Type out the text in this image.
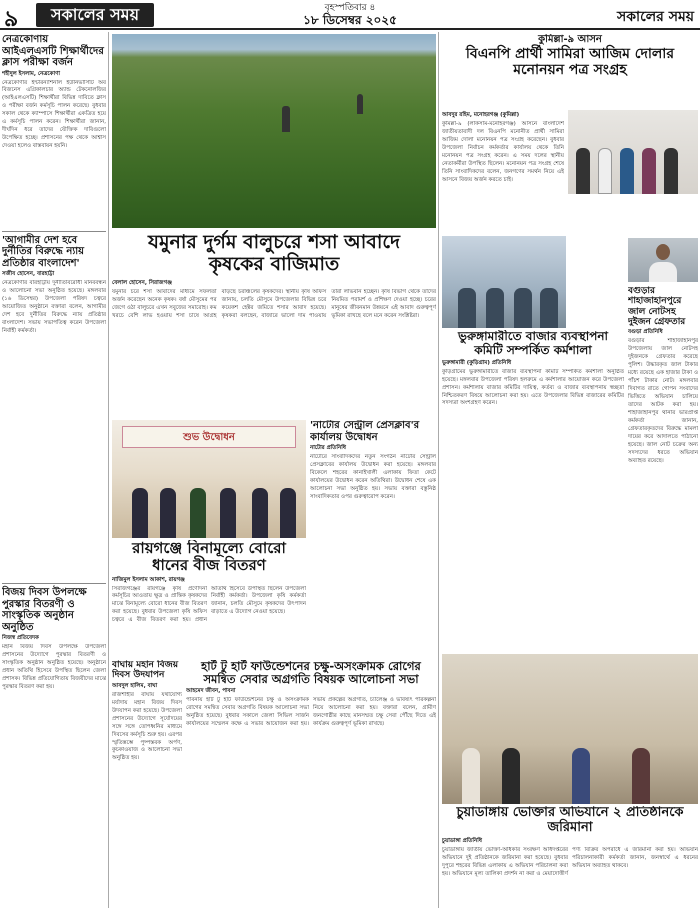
৯	সকালের সময়	বৃহস্পতিবার ৪
১৮ ডিসেম্বর ২০২৫	সকালের সময়
নেত্রকোণায় আইএলএসটি শিক্ষার্থীদের ক্লাস পরীক্ষা বর্জন
শহীদুল ইসলাম, নেত্রকোণা
নেত্রকোণার ইন্টারন্যাশনাল ইউনিভার্সিটি অব বিজনেস এগ্রিকালচার অ্যান্ড টেকনোলজির (আইএলএসটি) শিক্ষার্থীরা বিভিন্ন দাবিতে ক্লাস ও পরীক্ষা বর্জন কর্মসূচি পালন করেছে। বুধবার সকাল থেকে ক্যাম্পাসে শিক্ষার্থীরা একত্রিত হয়ে এ কর্মসূচি পালন করেন। শিক্ষার্থীরা জানান, দীর্ঘদিন ধরে তাদের যৌক্তিক দাবিগুলো উপেক্ষিত হচ্ছে। প্রশাসনের পক্ষ থেকে আশ্বাস দেওয়া হলেও বাস্তবায়ন হয়নি।
'আগামীর দেশ হবে দুর্নীতির বিরুদ্ধে ন্যায় প্রতিষ্ঠার বাংলাদেশ'
সজীব হোসেন, বারহাট্টা
নেত্রকোণার বারহাট্টায় দুর্নীতিবিরোধী মানববন্ধন ও আলোচনা সভা অনুষ্ঠিত হয়েছে। মঙ্গলবার (১৬ ডিসেম্বর) উপজেলা পরিষদ চত্বরে আয়োজিত অনুষ্ঠানে বক্তারা বলেন, আগামীর দেশ হবে দুর্নীতির বিরুদ্ধে ন্যায় প্রতিষ্ঠার বাংলাদেশ। সভায় সভাপতিত্ব করেন উপজেলা নির্বাহী কর্মকর্তা।
বিজয় দিবস উপলক্ষে পুরস্কার বিতরণী ও সাংস্কৃতিক অনুষ্ঠান অনুষ্ঠিত
নিজস্ব প্রতিবেদক
মহান বিজয় দিবস উপলক্ষে উপজেলা প্রশাসনের উদ্যোগে পুরস্কার বিতরণী ও সাংস্কৃতিক অনুষ্ঠান অনুষ্ঠিত হয়েছে। অনুষ্ঠানে প্রধান অতিথি হিসেবে উপস্থিত ছিলেন জেলা প্রশাসক। বিভিন্ন প্রতিযোগিতায় বিজয়ীদের মাঝে পুরস্কার বিতরণ করা হয়।
যমুনার দুর্গম বালুচরে শসা আবাদে কৃষকের বাজিমাত
বেলাল হোসেন, সিরাজগঞ্জ
যমুনার চরে শসা আবাদের মাধ্যমে সফলতা অর্জন করেছেন অনেক কৃষক। বর্ষা মৌসুমের পর জেগে ওঠা বালুচরে এখন সবুজের সমারোহ। কম খরচে বেশি লাভ হওয়ায় শসা চাষে আগ্রহ বাড়ছে চরাঞ্চলের কৃষকদের। স্থানীয় কৃষি অফিস জানায়, চলতি মৌসুমে উপজেলার বিভিন্ন চরে কয়েকশ হেক্টর জমিতে শসার আবাদ হয়েছে। কৃষকরা বলছেন, বাজারে ভালো দাম পাওয়ায় তারা লাভবান হচ্ছেন। কৃষি বিভাগ থেকে তাদের নিয়মিত পরামর্শ ও প্রশিক্ষণ দেওয়া হচ্ছে। চরের মানুষের জীবনমান উন্নয়নে এই আবাদ গুরুত্বপূর্ণ ভূমিকা রাখছে বলে মনে করেন সংশ্লিষ্টরা।
শুভ উদ্বোধন
'নাটোর সেন্ট্রাল প্রেসক্লাব'র কার্যালয় উদ্বোধন
নাটোর প্রতিনিধি
নাটোরে সাংবাদিকদের নতুন সংগঠন নাটোর সেন্ট্রাল প্রেসক্লাবের কার্যালয় উদ্বোধন করা হয়েছে। মঙ্গলবার বিকেলে শহরের কানাইখালী এলাকায় ফিতা কেটে কার্যালয়ের উদ্বোধন করেন অতিথিরা। উদ্বোধন শেষে এক আলোচনা সভা অনুষ্ঠিত হয়। সভায় বক্তারা বস্তুনিষ্ঠ সাংবাদিকতার ওপর গুরুত্বারোপ করেন।
রায়গঞ্জে বিনামূল্যে বোরো ধানের বীজ বিতরণ
নাজিমুল ইসলাম আকাশ, রায়গঞ্জ
সিরাজগঞ্জের রায়গঞ্জে কৃষি প্রণোদনা কর্মসূচির আওতায় ক্ষুদ্র ও প্রান্তিক কৃষকদের মাঝে বিনামূল্যে বোরো ধানের বীজ বিতরণ করা হয়েছে। বুধবার উপজেলা কৃষি অফিস চত্বরে এ বীজ বিতরণ করা হয়। প্রধান অতিথি হিসেবে উপস্থিত ছিলেন উপজেলা নির্বাহী কর্মকর্তা। উপজেলা কৃষি কর্মকর্তা জানান, চলতি মৌসুমে কৃষকদের উৎপাদন বাড়াতে এ উদ্যোগ নেওয়া হয়েছে।
বাঘায় মহান বিজয় দিবস উদযাপন
আবদুল হালিম, বাঘা
রাজশাহীর বাঘায় যথাযোগ্য মর্যাদায় মহান বিজয় দিবস উদযাপন করা হয়েছে। উপজেলা প্রশাসনের উদ্যোগে সূর্যোদয়ের সঙ্গে সঙ্গে তোপধ্বনির মাধ্যমে দিবসের কর্মসূচি শুরু হয়। এরপর স্মৃতিস্তম্ভে পুষ্পস্তবক অর্পণ, কুচকাওয়াজ ও আলোচনা সভা অনুষ্ঠিত হয়।
হার্ট টু হার্ট ফাউন্ডেশনের চক্ষু-অসংক্রামক রোগের সমন্বিত সেবার অগ্রগতি বিষয়ক আলোচনা সভা
আহমেদ জীবন, পাবনা
পাবনায় হার্ট টু হার্ট ফাউন্ডেশনের চক্ষু ও অসংক্রামক রোগের সমন্বিত সেবার অগ্রগতি বিষয়ক আলোচনা সভা অনুষ্ঠিত হয়েছে। বুধবার সকালে জেলা সিভিল সার্জন কার্যালয়ের সম্মেলন কক্ষে এ সভার আয়োজন করা হয়। সভায় প্রকল্পের অগ্রগতি, চ্যালেঞ্জ ও ভবিষ্যৎ পরিকল্পনা নিয়ে আলোচনা করা হয়। বক্তারা বলেন, গ্রামীণ জনগোষ্ঠীর কাছে মানসম্মত চক্ষু সেবা পৌঁছে দিতে এই কার্যক্রম গুরুত্বপূর্ণ ভূমিকা রাখছে।
কুমিল্লা-৯ আসন
বিএনপি প্রার্থী সামিরা আজিম দোলার মনোনয়ন পত্র সংগ্রহ
আবদুর রহিম, মনোহরগঞ্জ (কুমিল্লা)
কুমিল্লা-৯ (লাকসাম-মনোহরগঞ্জ) আসনে বাংলাদেশ জাতীয়তাবাদী দল বিএনপি মনোনীত প্রার্থী সামিরা আজিম দোলা মনোনয়ন পত্র সংগ্রহ করেছেন। বুধবার উপজেলা নির্বাচন কর্মকর্তার কার্যালয় থেকে তিনি মনোনয়ন পত্র সংগ্রহ করেন। এ সময় দলের স্থানীয় নেতাকর্মীরা উপস্থিত ছিলেন। মনোনয়ন পত্র সংগ্রহ শেষে তিনি সাংবাদিকদের বলেন, জনগণের সমর্থন নিয়ে এই আসনে বিজয় অর্জন করতে চাই।
ভুরুঙ্গামারীতে বাজার ব্যবস্থাপনা কমিটি সম্পর্কিত কর্মশালা
ভুরুঙ্গামারী (কুড়িগ্রাম) প্রতিনিধি
কুড়িগ্রামের ভুরুঙ্গামারীতে বাজার ব্যবস্থাপনা কমিটি সম্পর্কিত কর্মশালা অনুষ্ঠিত হয়েছে। মঙ্গলবার উপজেলা পরিষদ হলরুমে এ কর্মশালার আয়োজন করে উপজেলা প্রশাসন। কর্মশালায় বাজার কমিটির দায়িত্ব, কর্তব্য ও বাজার ব্যবস্থাপনায় স্বচ্ছতা নিশ্চিতকরণ বিষয়ে আলোচনা করা হয়। এতে উপজেলার বিভিন্ন বাজারের কমিটির সদস্যরা অংশগ্রহণ করেন।
বগুড়ার শাহাজাহানপুরে জাল নোটসহ দুইজন গ্রেফতার
বগুড়া প্রতিনিধি
বগুড়ার শাহাজাহানপুর উপজেলায় জাল নোটসহ দুইজনকে গ্রেফতার করেছে পুলিশ। উদ্ধারকৃত জাল টাকার মধ্যে রয়েছে এক হাজার টাকা ও পাঁচশ টাকার নোট। মঙ্গলবার দিবাগত রাতে গোপন সংবাদের ভিত্তিতে অভিযান চালিয়ে তাদের আটক করা হয়। শাহাজাহানপুর থানার ভারপ্রাপ্ত কর্মকর্তা জানান, গ্রেফতারকৃতদের বিরুদ্ধে মামলা দায়ের করে আদালতে পাঠানো হয়েছে। জাল নোট চক্রের অন্য সদস্যদের ধরতে অভিযান অব্যাহত রয়েছে।
চুয়াডাঙ্গায় ভোক্তার অভিযানে ২ প্রতিষ্ঠানকে জরিমানা
চুয়াডাঙ্গা প্রতিনিধি
চুয়াডাঙ্গায় জাতীয় ভোক্তা-অধিকার সংরক্ষণ অধিদপ্তরের অভিযানে দুই প্রতিষ্ঠানকে জরিমানা করা হয়েছে। বুধবার দুপুরে শহরের বিভিন্ন এলাকায় এ অভিযান পরিচালনা করা হয়। অভিযানে মূল্য তালিকা প্রদর্শন না করা ও মেয়াদোত্তীর্ণ পণ্য বিক্রির অপরাধে এ জরিমানা করা হয়। অভিযান পরিচালনাকারী কর্মকর্তা জানান, জনস্বার্থে এ ধরনের অভিযান অব্যাহত থাকবে।
